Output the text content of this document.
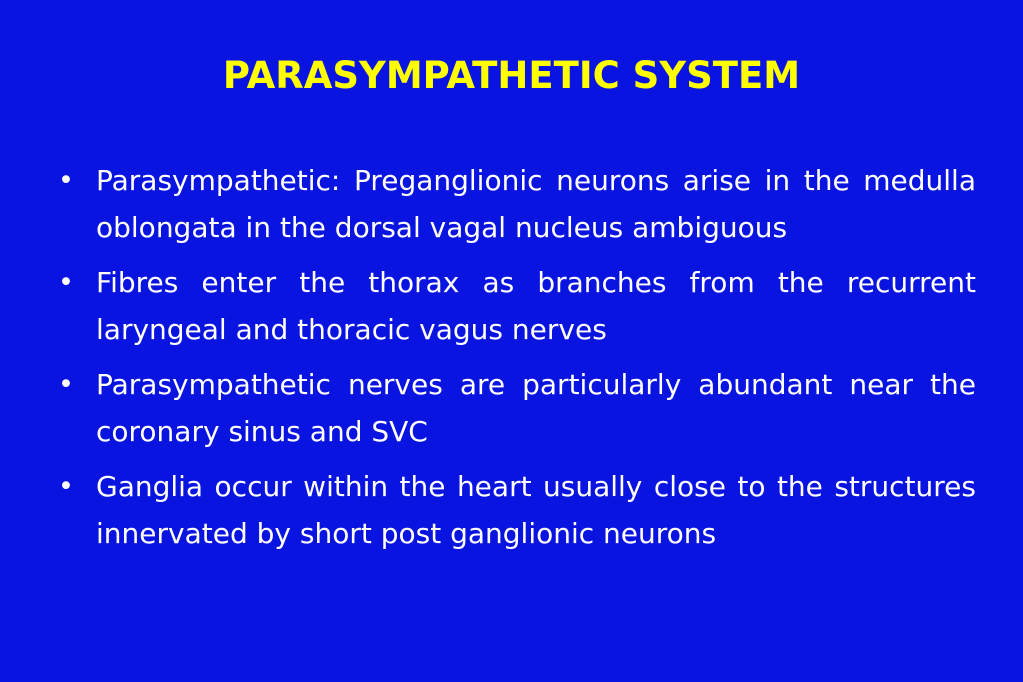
PARASYMPATHETIC SYSTEM
• Parasympathetic: Preganglionic neurons arise in the medulla oblongata in the dorsal vagal nucleus ambiguous
• Fibres enter the thorax as branches from the recurrent laryngeal and thoracic vagus nerves
• Parasympathetic nerves are particularly abundant near the coronary sinus and SVC
• Ganglia occur within the heart usually close to the structures innervated by short post ganglionic neurons
